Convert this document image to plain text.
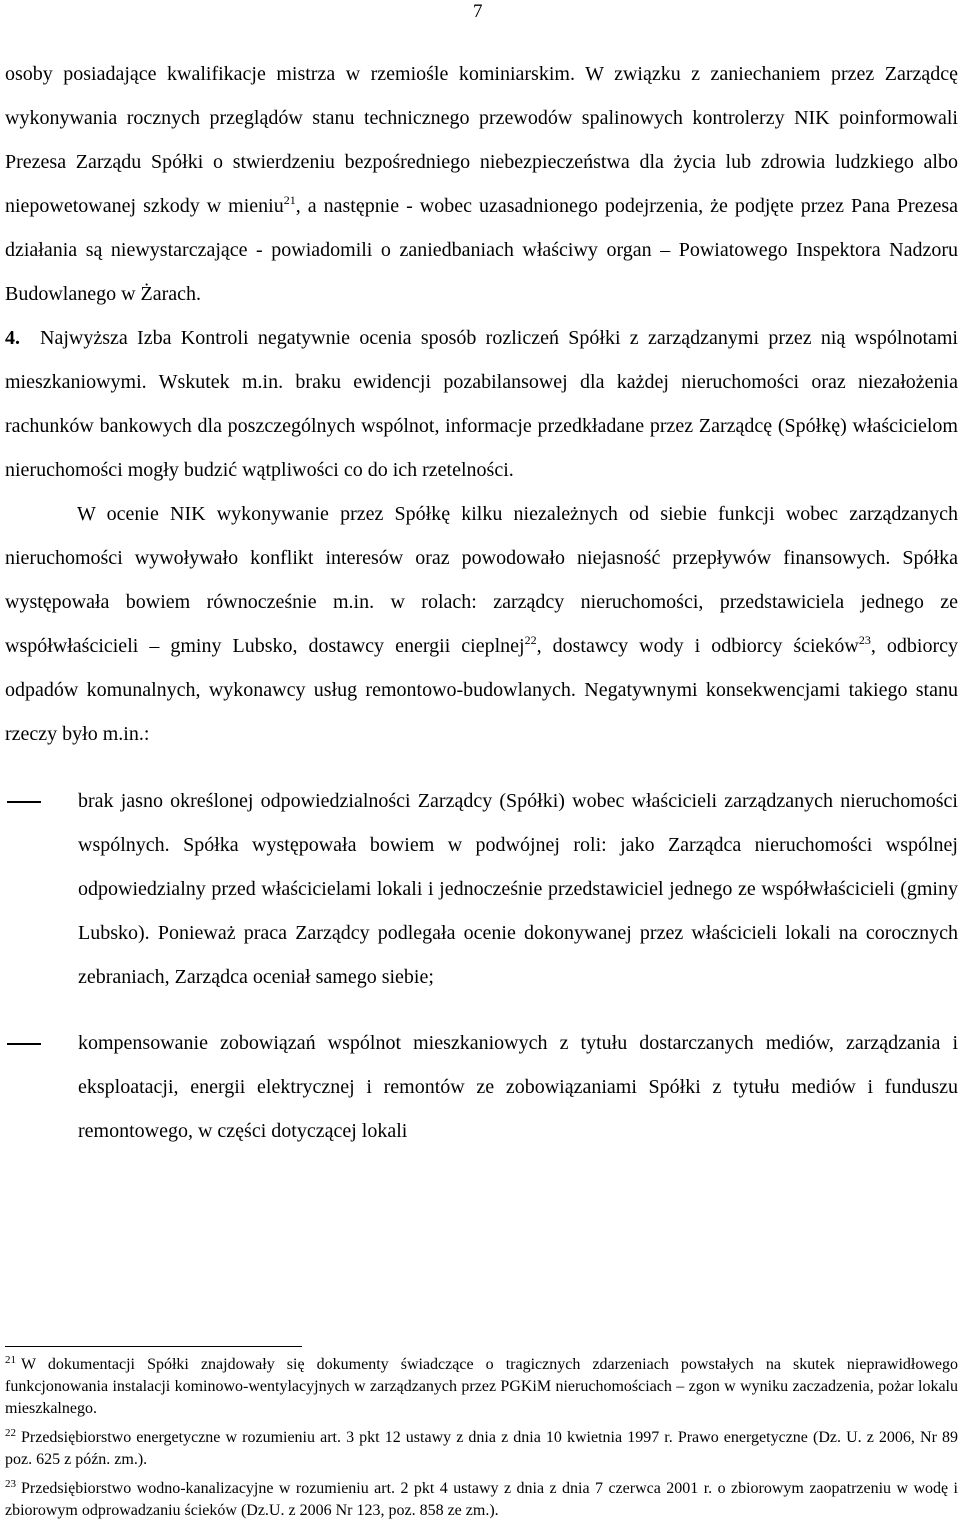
7

osoby posiadające kwalifikacje mistrza w rzemiośle kominiarskim. W związku z zaniechaniem przez Zarządcę wykonywania rocznych przeglądów stanu technicznego przewodów spalinowych kontrolerzy NIK poinformowali Prezesa Zarządu Spółki o stwierdzeniu bezpośredniego niebezpieczeństwa dla życia lub zdrowia ludzkiego albo niepowetowanej szkody w mieniu$^{21}$, a następnie - wobec uzasadnionego podejrzenia, że podjęte przez Pana Prezesa działania są niewystarczające - powiadomili o zaniedbaniach właściwy organ – Powiatowego Inspektora Nadzoru Budowlanego w Żarach.

4. Najwyższa Izba Kontroli negatywnie ocenia sposób rozliczeń Spółki z zarządzanymi przez nią wspólnotami mieszkaniowymi. Wskutek m.in. braku ewidencji pozabilansowej dla każdej nieruchomości oraz niezałożenia rachunków bankowych dla poszczególnych wspólnot, informacje przedkładane przez Zarządcę (Spółkę) właścicielom nieruchomości mogły budzić wątpliwości co do ich rzetelności.

W ocenie NIK wykonywanie przez Spółkę kilku niezależnych od siebie funkcji wobec zarządzanych nieruchomości wywoływało konflikt interesów oraz powodowało niejasność przepływów finansowych. Spółka występowała bowiem równocześnie m.in. w rolach: zarządcy nieruchomości, przedstawiciela jednego ze współwłaścicieli – gminy Lubsko, dostawcy energii cieplnej$^{22}$, dostawcy wody i odbiorcy ścieków$^{23}$, odbiorcy odpadów komunalnych, wykonawcy usług remontowo-budowlanych. Negatywnymi konsekwencjami takiego stanu rzeczy było m.in.:

brak jasno określonej odpowiedzialności Zarządcy (Spółki) wobec właścicieli zarządzanych nieruchomości wspólnych. Spółka występowała bowiem w podwójnej roli: jako Zarządca nieruchomości wspólnej odpowiedzialny przed właścicielami lokali i jednocześnie przedstawiciel jednego ze współwłaścicieli (gminy Lubsko). Ponieważ praca Zarządcy podlegała ocenie dokonywanej przez właścicieli lokali na corocznych zebraniach, Zarządca oceniał samego siebie;
kompensowanie zobowiązań wspólnot mieszkaniowych z tytułu dostarczanych mediów, zarządzania i eksploatacji, energii elektrycznej i remontów ze zobowiązaniami Spółki z tytułu mediów i funduszu remontowego, w części dotyczącej lokali

$^{21}$ W dokumentacji Spółki znajdowały się dokumenty świadczące o tragicznych zdarzeniach powstałych na skutek nieprawidłowego funkcjonowania instalacji kominowo-wentylacyjnych w zarządzanych przez PGKiM nieruchomościach – zgon w wyniku zaczadzenia, pożar lokalu mieszkalnego.

$^{22}$ Przedsiębiorstwo energetyczne w rozumieniu art. 3 pkt 12 ustawy z dnia z dnia 10 kwietnia 1997 r. Prawo energetyczne (Dz. U. z 2006, Nr 89 poz. 625 z późn. zm.).

$^{23}$ Przedsiębiorstwo wodno-kanalizacyjne w rozumieniu art. 2 pkt 4 ustawy z dnia z dnia 7 czerwca 2001 r. o zbiorowym zaopatrzeniu w wodę i zbiorowym odprowadzaniu ścieków (Dz.U. z 2006 Nr 123, poz. 858 ze zm.).
